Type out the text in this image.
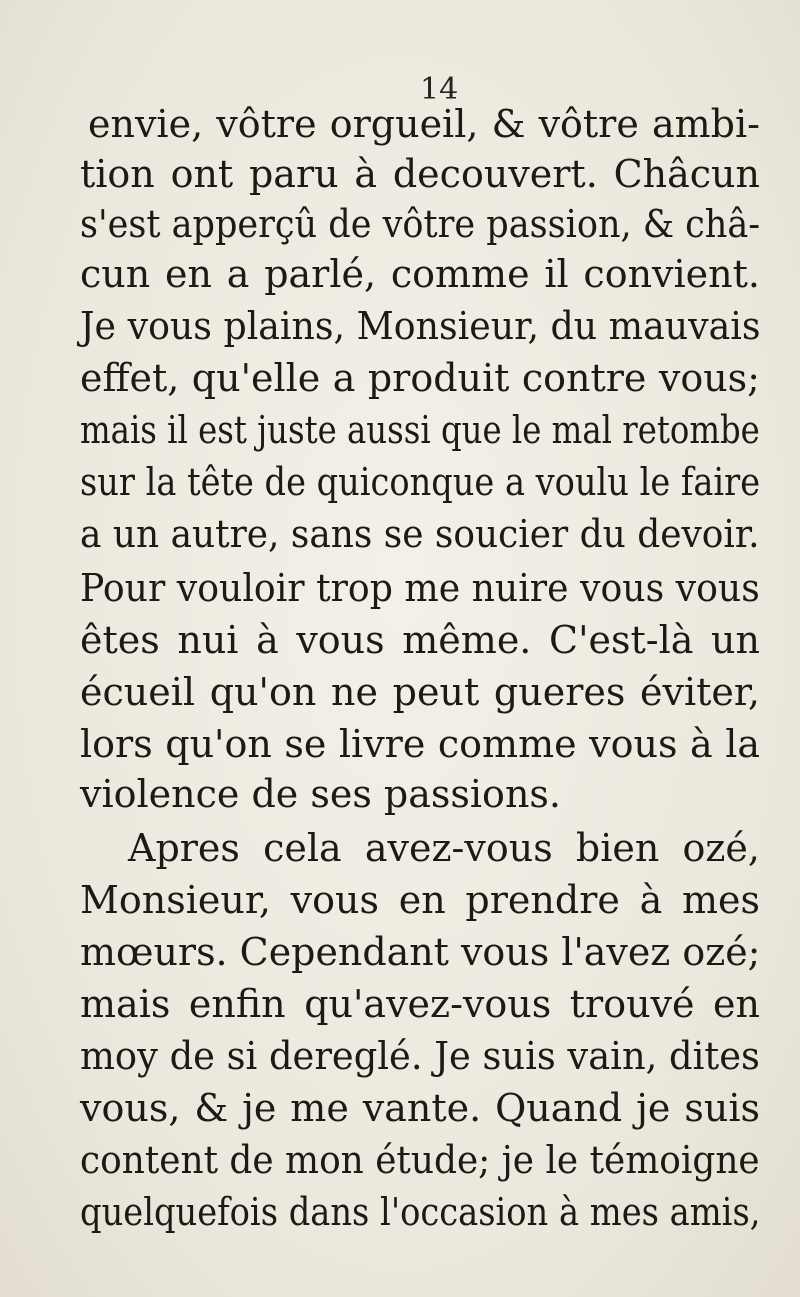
14
envie, vôtre orgueil, & vôtre ambi-
tion ont paru à decouvert. Châcun
s'est apperçû de vôtre passion, & châ-
cun en a parlé, comme il convient.
Je vous plains, Monsieur, du mauvais
effet, qu'elle a produit contre vous;
mais il est juste aussi que le mal retombe
sur la tête de quiconque a voulu le faire
a un autre, sans se soucier du devoir.
Pour vouloir trop me nuire vous vous
êtes nui à vous même. C'est-là un
écueil qu'on ne peut gueres éviter,
lors qu'on se livre comme vous à la
violence de ses passions.
Apres cela avez-vous bien ozé,
Monsieur, vous en prendre à mes
mœurs. Cependant vous l'avez ozé;
mais enfin qu'avez-vous trouvé en
moy de si dereglé. Je suis vain, dites
vous, & je me vante. Quand je suis
content de mon étude; je le témoigne
quelquefois dans l'occasion à mes amis,
